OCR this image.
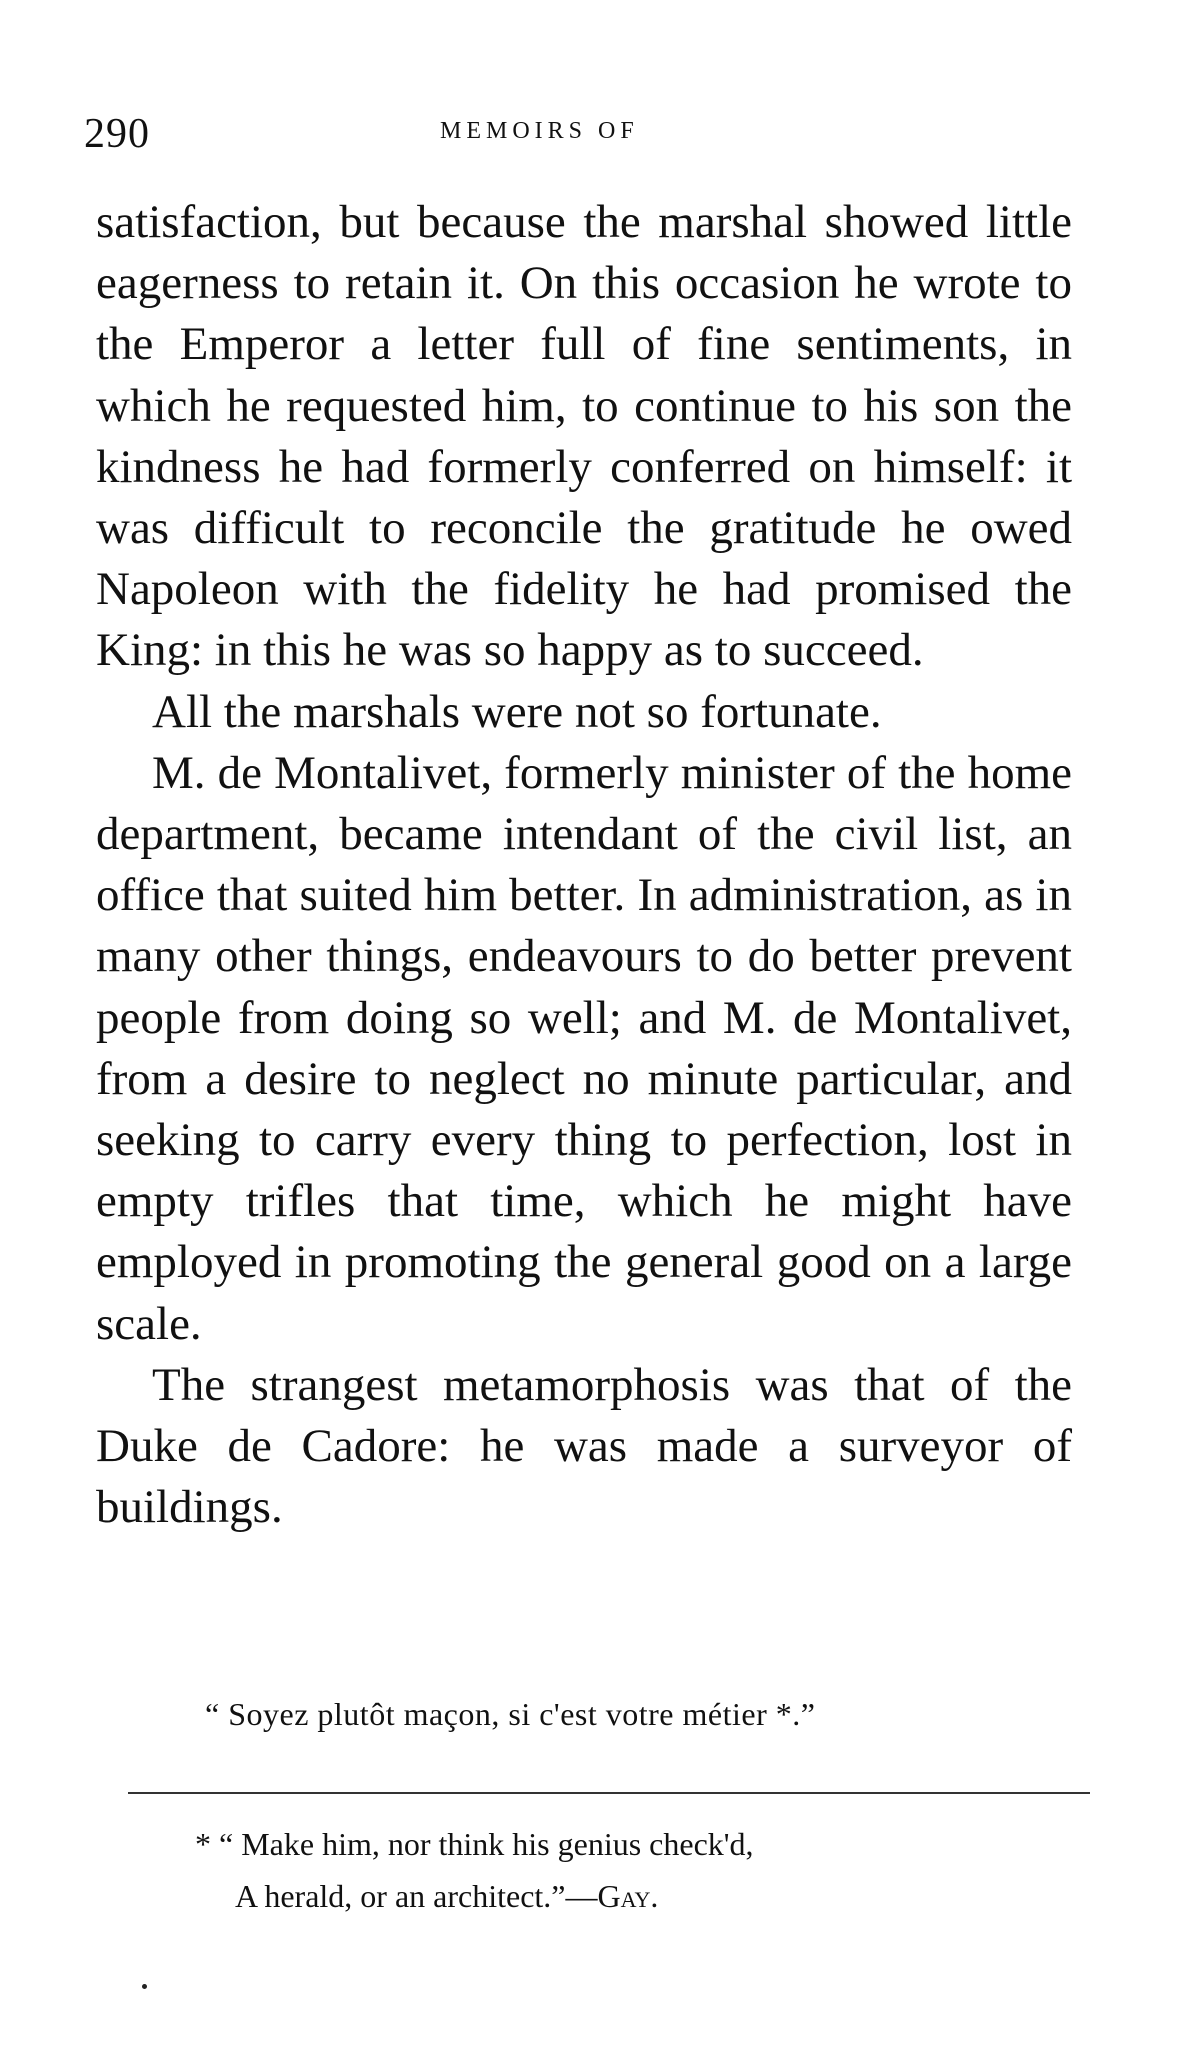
290	MEMOIRS OF

satisfaction, but because the marshal showed little eagerness to retain it. On this occasion he wrote to the Emperor a letter full of fine sentiments, in which he requested him, to continue to his son the kindness he had formerly conferred on himself: it was difficult to reconcile the gratitude he owed Napoleon with the fidelity he had promised the King: in this he was so happy as to succeed.

All the marshals were not so fortunate.

M. de Montalivet, formerly minister of the home department, became intendant of the civil list, an office that suited him better. In administration, as in many other things, endeavours to do better prevent people from doing so well; and M. de Montalivet, from a desire to neglect no minute particular, and seeking to carry every thing to perfection, lost in empty trifles that time, which he might have employed in promoting the general good on a large scale.

The strangest metamorphosis was that of the Duke de Cadore: he was made a surveyor of buildings.

“ Soyez plutôt maçon, si c'est votre métier *.”
* “ Make him, nor think his genius check'd,
A herald, or an architect.”—Gay.
